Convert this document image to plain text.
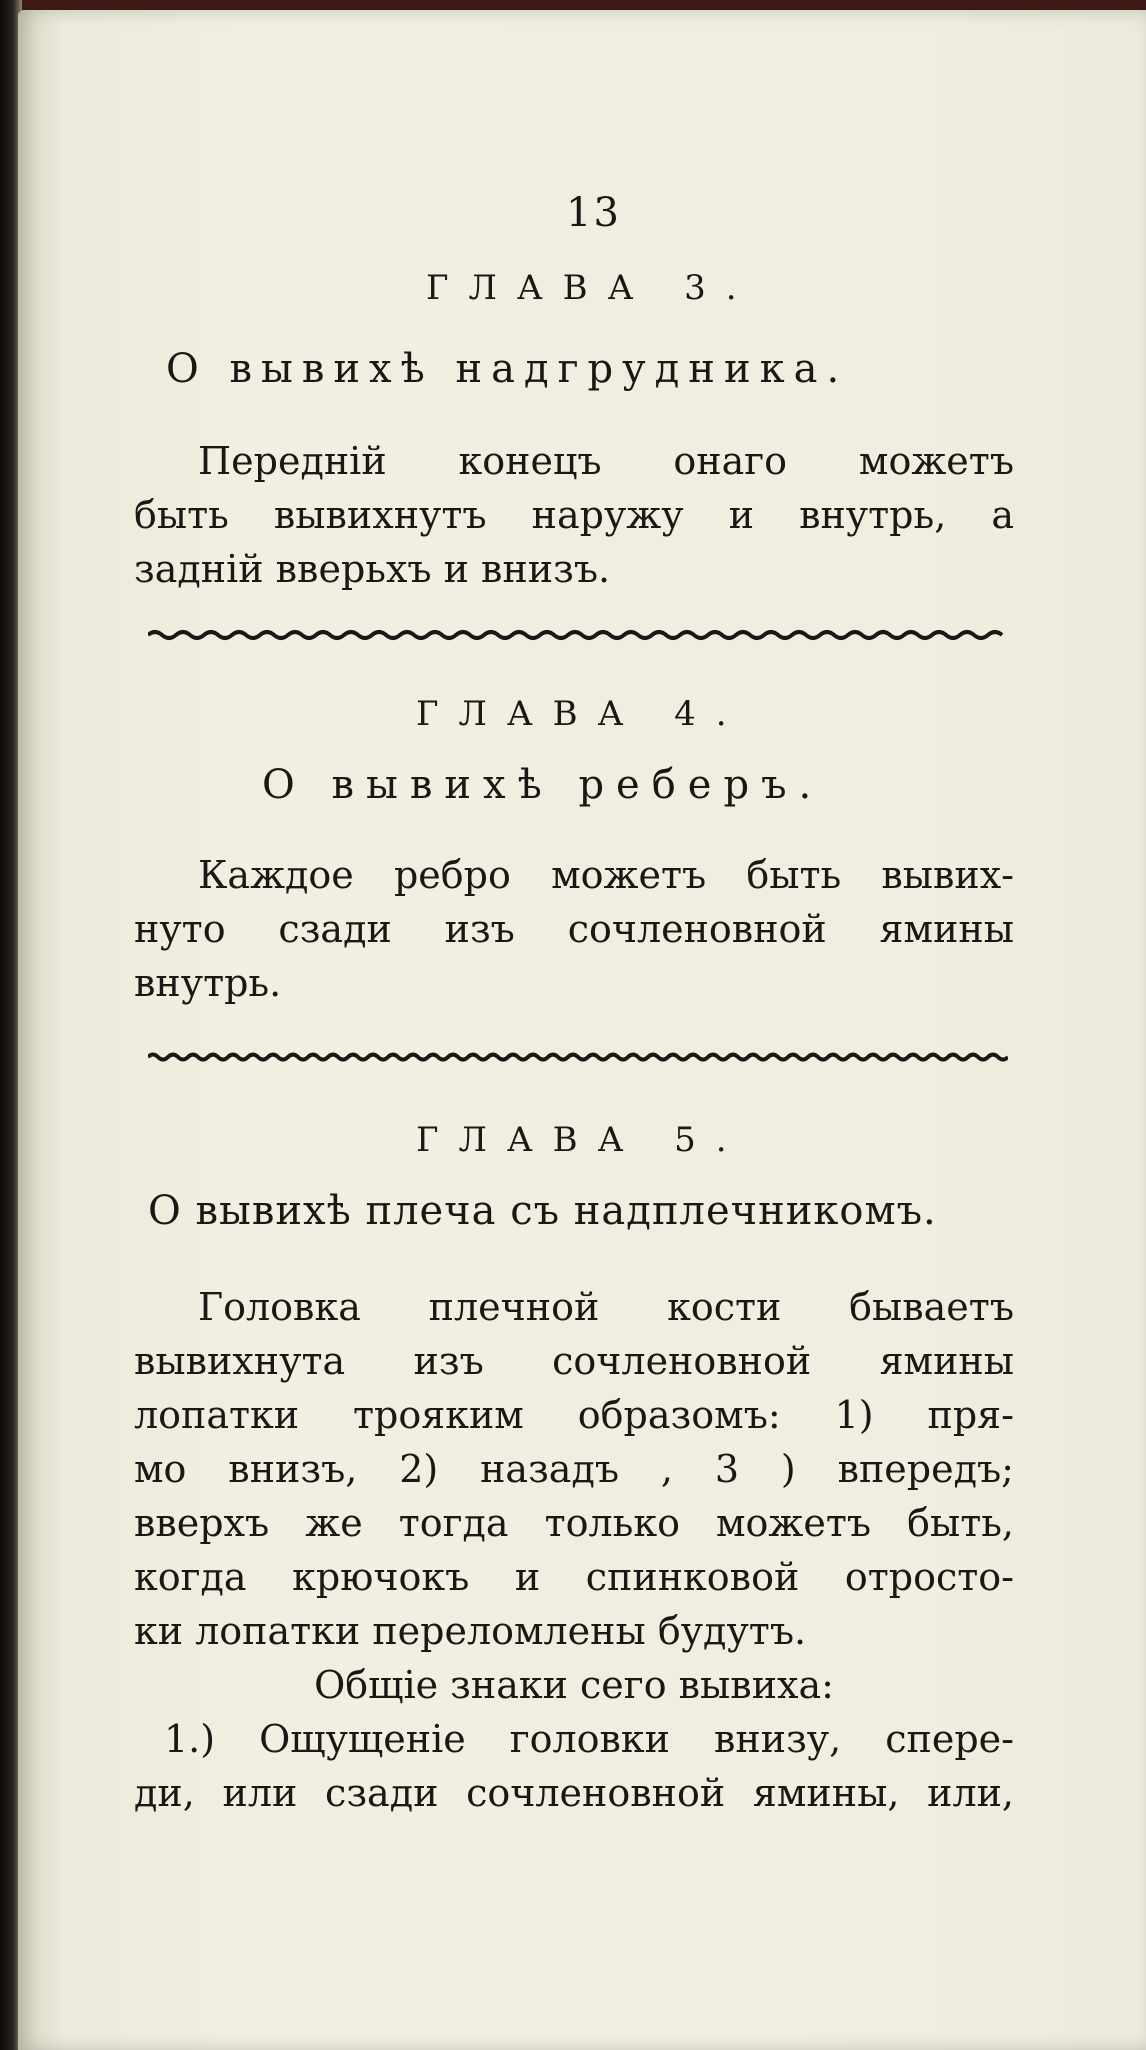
13
ГЛАВА 3.
О вывихѣ надгрудника.
Передній конецъ онаго можетъ
быть вывихнутъ наружу и внутрь, а
задній вверьхъ и внизъ.
ГЛАВА 4.
О вывихѣ реберъ.
Каждое ребро можетъ быть вывих-
нуто сзади изъ сочленовной ямины
внутрь.
ГЛАВА 5.
О вывихѣ плеча съ надплечникомъ.
Головка плечной кости бываетъ
вывихнута изъ сочленовной ямины
лопатки трояким образомъ: 1) пря-
мо внизъ, 2) назадъ , 3 ) впередъ;
вверхъ же тогда только можетъ быть,
когда крючокъ и спинковой отросто-
ки лопатки переломлены будутъ.
Общіе знаки сего вывиха:
1.) Ощущеніе головки внизу, спере-
ди, или сзади сочленовной ямины, или,
